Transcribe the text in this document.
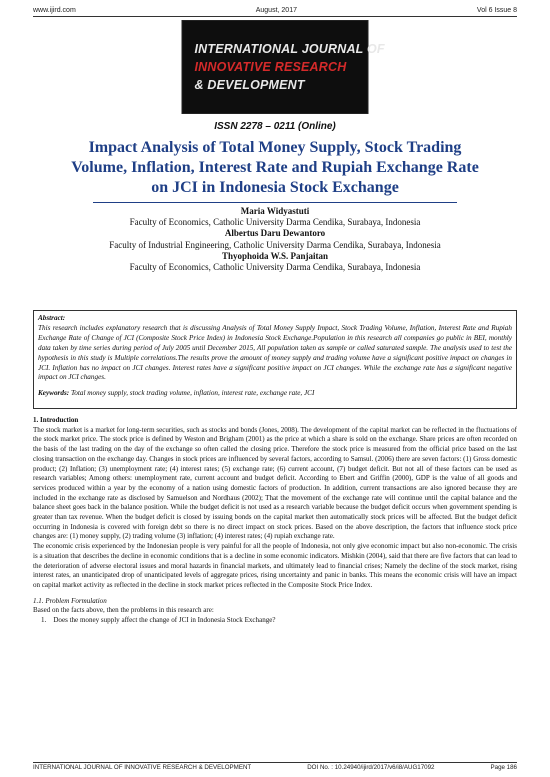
www.ijird.com	August, 2017	Vol 6 Issue 8
INTERNATIONAL JOURNAL OF
INNOVATIVE RESEARCH
& DEVELOPMENT
ISSN 2278 – 0211 (Online)
Impact Analysis of Total Money Supply, Stock Trading Volume, Inflation, Interest Rate and Rupiah Exchange Rate on JCI in Indonesia Stock Exchange
Maria Widyastuti
Faculty of Economics, Catholic University Darma Cendika, Surabaya, Indonesia
Albertus Daru Dewantoro
Faculty of Industrial Engineering, Catholic University Darma Cendika, Surabaya, Indonesia
Thyophoida W.S. Panjaitan
Faculty of Economics, Catholic University Darma Cendika, Surabaya, Indonesia
Abstract:
This research includes explanatory research that is discussing Analysis of Total Money Supply Impact, Stock Trading Volume, Inflation, Interest Rate and Rupiah Exchange Rate of Change of JCI (Composite Stock Price Index) in Indonesia Stock Exchange.Population in this research all companies go public in BEI, monthly data taken by time series during period of July 2005 until December 2015, All population taken as sample or called saturated sample. The analysis used to test the hypothesis in this study is Multiple correlations.The results prove the amount of money supply and trading volume have a significant positive impact on changes in JCI. Inflation has no impact on JCI changes. Interest rates have a significant positive impact on JCI changes. While the exchange rate has a significant negative impact on JCI changes.
Keywords: Total money supply, stock trading volume, inflation, interest rate, exchange rate, JCI

1. Introduction

The stock market is a market for long-term securities, such as stocks and bonds (Jones, 2008). The development of the capital market can be reflected in the fluctuations of the stock market price. The stock price is defined by Weston and Brigham (2001) as the price at which a share is sold on the exchange. Share prices are often recorded on the basis of the last trading on the day of the exchange so often called the closing price. Therefore the stock price is measured from the official price based on the last closing transaction on the exchange day. Changes in stock prices are influenced by several factors, according to Samsul. (2006) there are seven factors: (1) Gross domestic product; (2) Inflation; (3) unemployment rate; (4) interest rates; (5) exchange rate; (6) current account, (7) budget deficit. But not all of these factors can be used as research variables; Among others: unemployment rate, current account and budget deficit. According to Ebert and Griffin (2000), GDP is the value of all goods and services produced within a year by the economy of a nation using domestic factors of production. In addition, current transactions are also ignored because they are included in the exchange rate as disclosed by Samuelson and Nordhaus (2002); That the movement of the exchange rate will continue until the capital balance and the balance sheet goes back in the balance position. While the budget deficit is not used as a research variable because the budget deficit occurs when government spending is greater than tax revenue. When the budget deficit is closed by issuing bonds on the capital market then automatically stock prices will be affected. But the budget deficit occurring in Indonesia is covered with foreign debt so there is no direct impact on stock prices. Based on the above description, the factors that influence stock price changes are: (1) money supply, (2) trading volume (3) inflation; (4) interest rates; (4) rupiah exchange rate.

The economic crisis experienced by the Indonesian people is very painful for all the people of Indonesia, not only give economic impact but also non-economic. The crisis is a situation that describes the decline in economic conditions that is a decline in some economic indicators. Mishkin (2004), said that there are five factors that can lead to the deterioration of adverse electoral issues and moral hazards in financial markets, and ultimately lead to financial crises; Namely the decline of the stock market, rising interest rates, an unanticipated drop of unanticipated levels of aggregate prices, rising uncertainty and panic in banks. This means the economic crisis will have an impact on capital market activity as reflected in the decline in stock market prices reflected in the Composite Stock Price Index.

1.1. Problem Formulation

Based on the facts above, then the problems in this research are:

1.    Does the money supply affect the change of JCI in Indonesia Stock Exchange?

INTERNATIONAL JOURNAL OF INNOVATIVE RESEARCH & DEVELOPMENT	DOI No. : 10.24940/ijird/2017/v6/i8/AUG17092	Page 186
